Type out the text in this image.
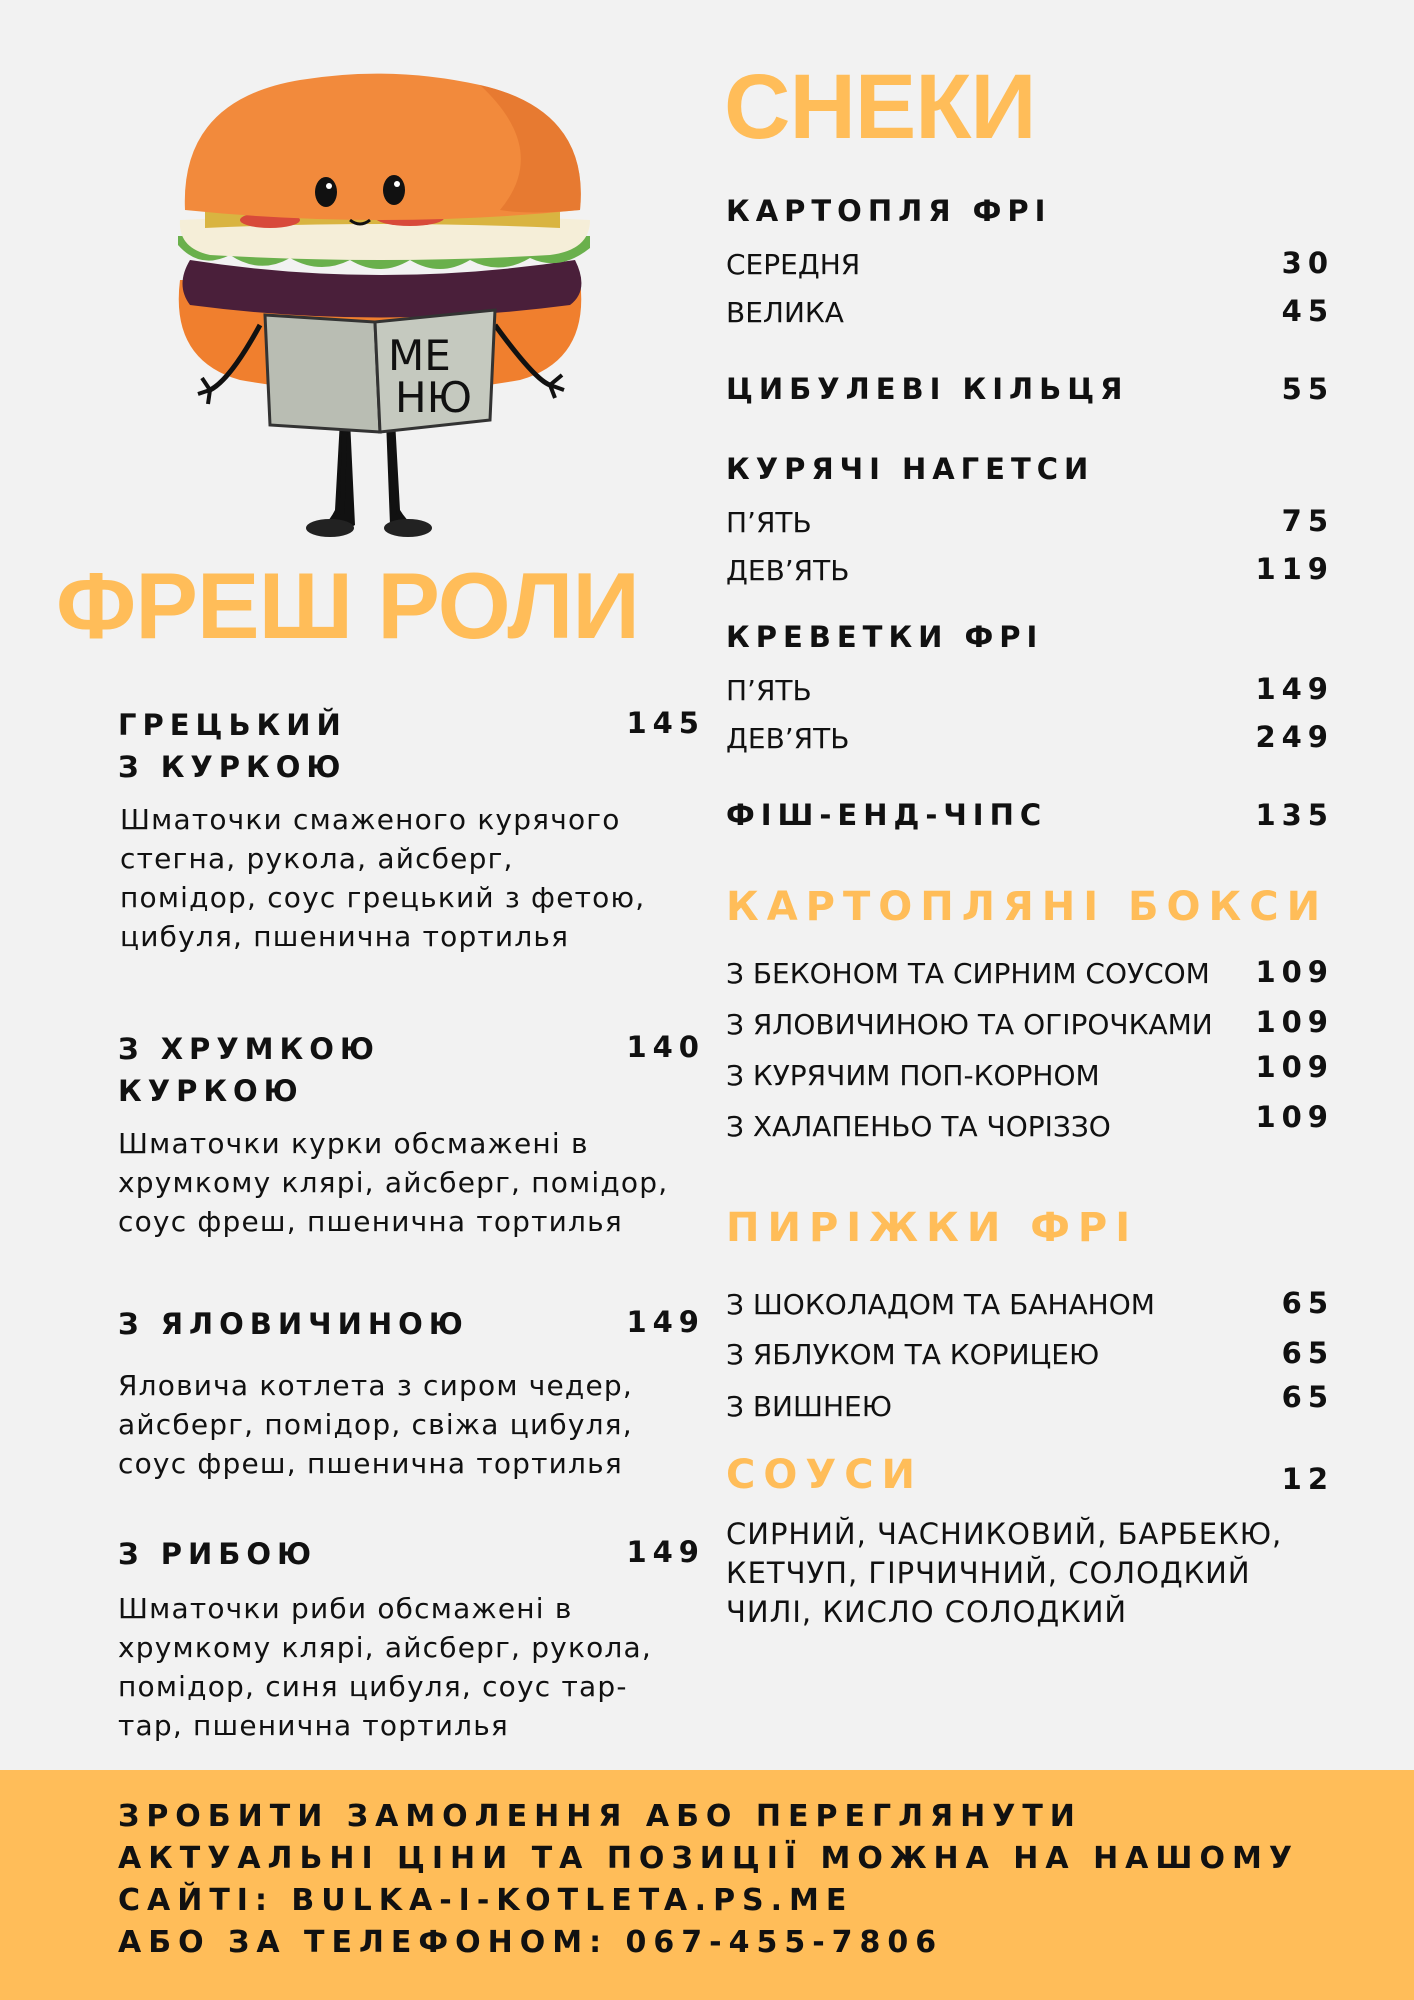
МЕ
НЮ
СНЕКИ
ФРЕШ РОЛИ
КАРТОПЛЯ ФРІ
СЕРЕДНЯ	30
ВЕЛИКА	45
ЦИБУЛЕВІ КІЛЬЦЯ	55
КУРЯЧІ НАГЕТСИ
П’ЯТЬ	75
ДЕВ’ЯТЬ	119
КРЕВЕТКИ ФРІ
П’ЯТЬ	149
ДЕВ’ЯТЬ	249
ФІШ-ЕНД-ЧІПС	135
КАРТОПЛЯНІ БОКСИ
З БЕКОНОМ ТА СИРНИМ СОУСОМ 109
З ЯЛОВИЧИНОЮ ТА ОГІРОЧКАМИ 109
З КУРЯЧИМ ПОП-КОРНОМ	109
З ХАЛАПЕНЬО ТА ЧОРІЗЗО	109
ПИРІЖКИ ФРІ
З ШОКОЛАДОМ ТА БАНАНОМ	65
З ЯБЛУКОМ ТА КОРИЦЕЮ	65
З ВИШНЕЮ	65
СОУСИ	12
СИРНИЙ, ЧАСНИКОВИЙ, БАРБЕКЮ,
КЕТЧУП, ГІРЧИЧНИЙ, СОЛОДКИЙ
ЧИЛІ, КИСЛО СОЛОДКИЙ
ГРЕЦЬКИЙ
З КУРКОЮ
145
Шматочки смаженого курячого
стегна, рукола, айсберг,
помідор, соус грецький з фетою,
цибуля, пшенична тортилья
З ХРУМКОЮ
КУРКОЮ
140
Шматочки курки обсмажені в
хрумкому клярі, айсберг, помідор,
соус фреш, пшенична тортилья
З ЯЛОВИЧИНОЮ	149
Яловича котлета з сиром чедер,
айсберг, помідор, свіжа цибуля,
соус фреш, пшенична тортилья
З РИБОЮ	149
Шматочки риби обсмажені в
хрумкому клярі, айсберг, рукола,
помідор, синя цибуля, соус тар-
тар, пшенична тортилья
ЗРОБИТИ ЗАМОЛЕННЯ АБО ПЕРЕГЛЯНУТИ
АКТУАЛЬНІ ЦІНИ ТА ПОЗИЦІЇ МОЖНА НА НАШОМУ
САЙТІ: BULKA-I-KOTLETA.PS.ME
АБО ЗА ТЕЛЕФОНОМ: 067-455-7806
